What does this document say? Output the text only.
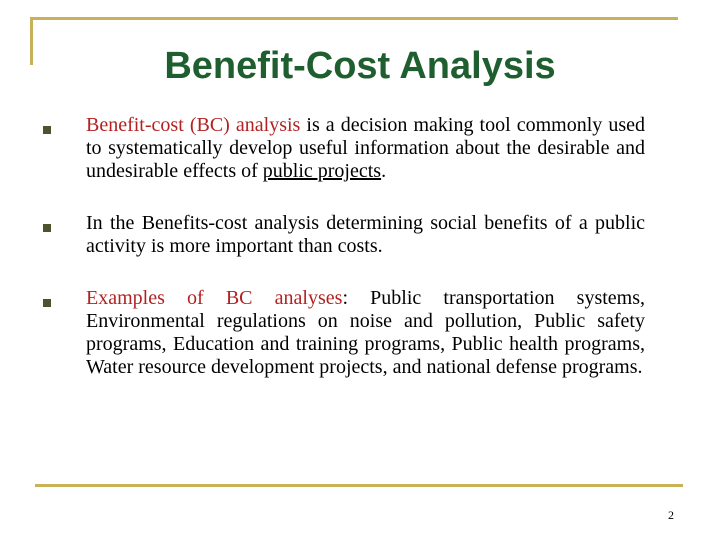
Benefit-Cost Analysis
Benefit-cost (BC) analysis is a decision making tool commonly used to systematically develop useful information about the desirable and undesirable effects of public projects.
In the Benefits-cost analysis determining social benefits of a public activity is more important than costs.
Examples of BC analyses: Public transportation systems, Environmental regulations on noise and pollution, Public safety programs, Education and training programs, Public health programs, Water resource development projects, and national defense programs.
2
